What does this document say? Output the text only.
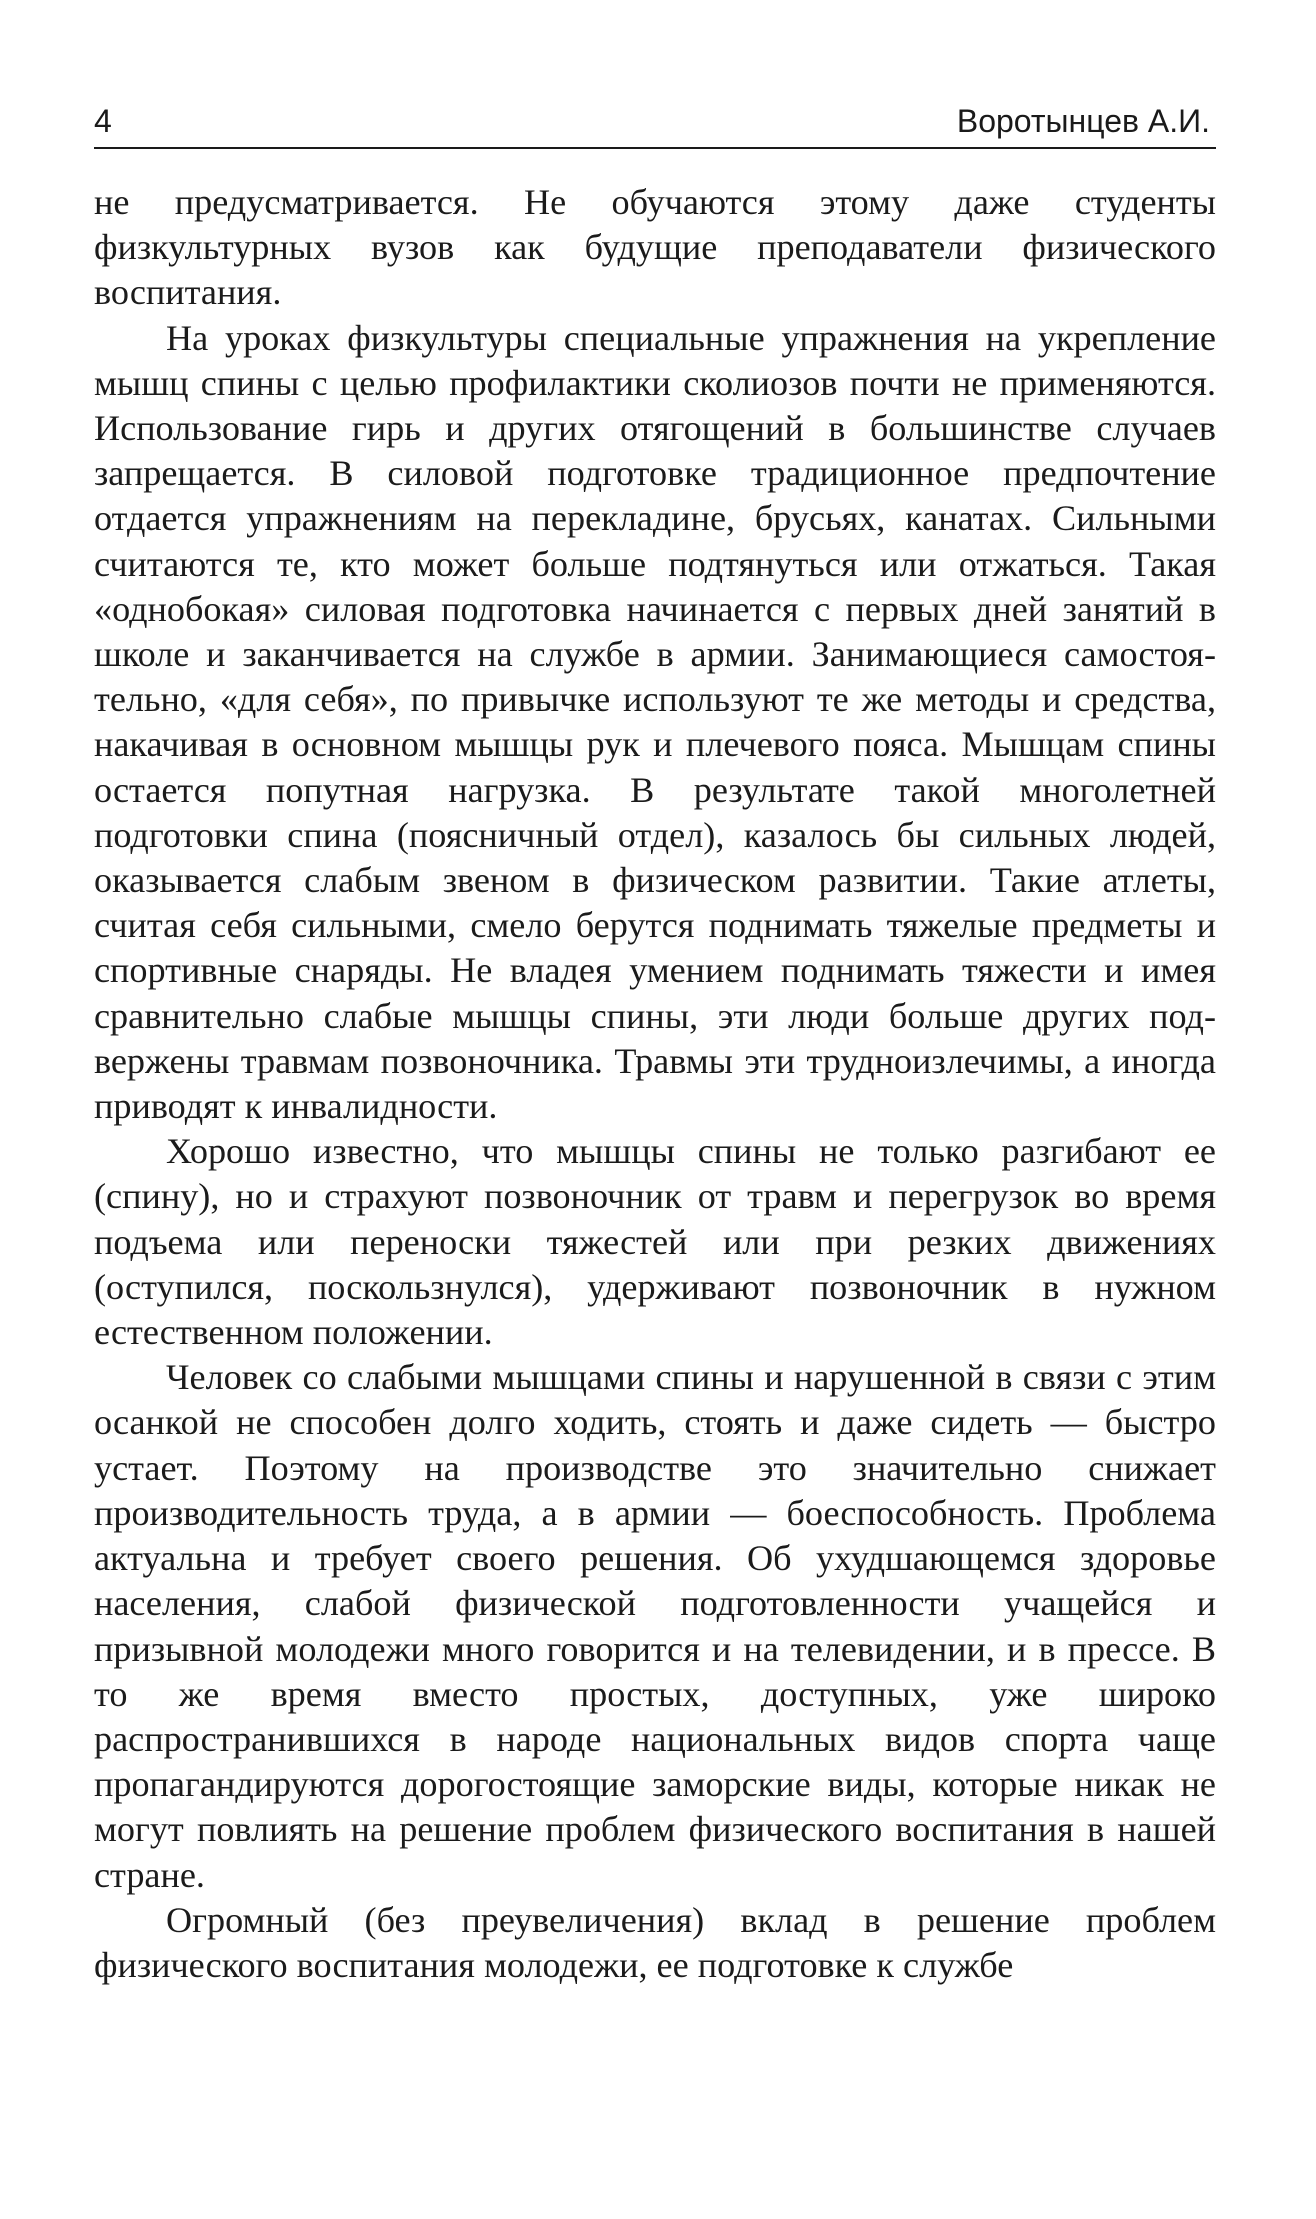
4	Воротынцев А.И.

не предусматривается. Не обучаются этому даже студенты физкультурных вузов как будущие преподаватели физического воспитания.

На уроках физкультуры специальные упражнения на укрепление мышц спины с целью профилактики сколиозов почти не применяются. Использование гирь и других отягощений в большинстве случаев запрещается. В силовой подготовке традиционное предпочтение отдается упражнениям на перекладине, брусьях, канатах. Сильными считаются те, кто может больше подтянуться или отжаться. Такая «однобокая» силовая подготовка начинается с первых дней занятий в школе и заканчивается на службе в армии. Занимающиеся самостоятельно, «для себя», по привычке используют те же методы и средства, накачивая в основном мышцы рук и плечевого пояса. Мышцам спины остается попутная нагрузка. В результате такой многолетней подготовки спина (поясничный отдел), казалось бы сильных людей, оказывается слабым звеном в физическом развитии. Такие атлеты, считая себя сильными, смело берутся поднимать тяжелые предметы и спортивные снаряды. Не владея умением поднимать тяжести и имея сравнительно слабые мышцы спины, эти люди больше других подвержены травмам позвоночника. Травмы эти трудноизлечимы, а иногда приводят к инвалидности.

Хорошо известно, что мышцы спины не только разгибают ее (спину), но и страхуют позвоночник от травм и перегрузок во время подъема или переноски тяжестей или при резких движениях (оступился, поскользнулся), удерживают позвоночник в нужном естественном положении.

Человек со слабыми мышцами спины и нарушенной в связи с этим осанкой не способен долго ходить, стоять и даже сидеть — быстро устает. Поэтому на производстве это значительно снижает производительность труда, а в армии — боеспособность. Проблема актуальна и требует своего решения. Об ухудшающемся здоровье населения, слабой физической подготовленности учащейся и призывной молодежи много говорится и на телевидении, и в прессе. В то же время вместо простых, доступных, уже широко распространившихся в народе национальных видов спорта чаще пропагандируются дорогостоящие заморские виды, которые никак не могут повлиять на решение проблем физического воспитания в нашей стране.

Огромный (без преувеличения) вклад в решение проблем физического воспитания молодежи, ее подготовке к службе
